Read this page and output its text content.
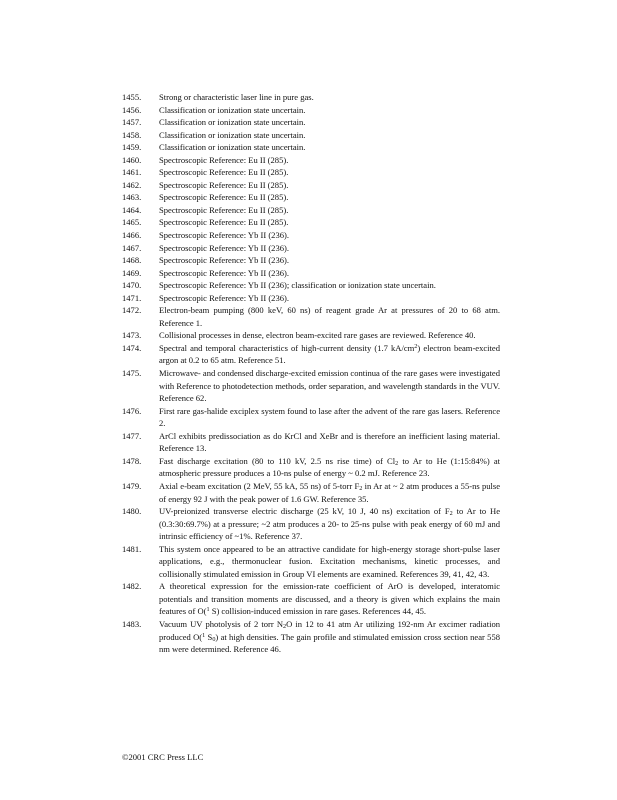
1455.	Strong or characteristic laser line in pure gas.
1456.	Classification or ionization state uncertain.
1457.	Classification or ionization state uncertain.
1458.	Classification or ionization state uncertain.
1459.	Classification or ionization state uncertain.
1460.	Spectroscopic Reference: Eu II (285).
1461.	Spectroscopic Reference: Eu II (285).
1462.	Spectroscopic Reference: Eu II (285).
1463.	Spectroscopic Reference: Eu II (285).
1464.	Spectroscopic Reference: Eu II (285).
1465.	Spectroscopic Reference: Eu II (285).
1466.	Spectroscopic Reference: Yb II (236).
1467.	Spectroscopic Reference: Yb II (236).
1468.	Spectroscopic Reference: Yb II (236).
1469.	Spectroscopic Reference: Yb II (236).
1470.	Spectroscopic Reference: Yb II (236); classification or ionization state uncertain.
1471.	Spectroscopic Reference: Yb II (236).
1472.	Electron-beam pumping (800 keV, 60 ns) of reagent grade Ar at pressures of 20 to 68 atm. Reference 1.
1473.	Collisional processes in dense, electron beam-excited rare gases are reviewed. Reference 40.
1474.	Spectral and temporal characteristics of high-current density (1.7 $kA/cm^2$) electron beam-excited argon at 0.2 to 65 atm. Reference 51.
1475.	Microwave- and condensed discharge-excited emission continua of the rare gases were investigated with Reference to photodetection methods, order separation, and wavelength standards in the VUV. Reference 62.
1476.	First rare gas-halide exciplex system found to lase after the advent of the rare gas lasers. Reference 2.
1477.	ArCl exhibits predissociation as do KrCl and XeBr and is therefore an inefficient lasing material. Reference 13.
1478.	Fast discharge excitation (80 to 110 kV, 2.5 ns rise time) of $Cl_2$ to Ar to He (1:15:84%) at atmospheric pressure produces a 10-ns pulse of energy ~ 0.2 mJ. Reference 23.
1479.	Axial e-beam excitation (2 MeV, 55 kA, 55 ns) of 5-torr $F_2$ in Ar at ~ 2 atm produces a 55-ns pulse of energy 92 J with the peak power of 1.6 GW. Reference 35.
1480.	UV-preionized transverse electric discharge (25 kV, 10 J, 40 ns) excitation of $F_2$ to Ar to He (0.3:30:69.7%) at a pressure; ~2 atm produces a 20- to 25-ns pulse with peak energy of 60 mJ and intrinsic efficiency of ~1%. Reference 37.
1481.	This system once appeared to be an attractive candidate for high-energy storage short-pulse laser applications, e.g., thermonuclear fusion. Excitation mechanisms, kinetic processes, and collisionally stimulated emission in Group VI elements are examined. References 39, 41, 42, 43.
1482.	A theoretical expression for the emission-rate coefficient of ArO is developed, interatomic potentials and transition moments are discussed, and a theory is given which explains the main features of O($^1$ S) collision-induced emission in rare gases. References 44, 45.
1483.	Vacuum UV photolysis of 2 torr $N_2O$ in 12 to 41 atm Ar utilizing 192-nm Ar excimer radiation produced O($^1$ $S_0$) at high densities. The gain profile and stimulated emission cross section near 558 nm were determined. Reference 46.
©2001 CRC Press LLC
